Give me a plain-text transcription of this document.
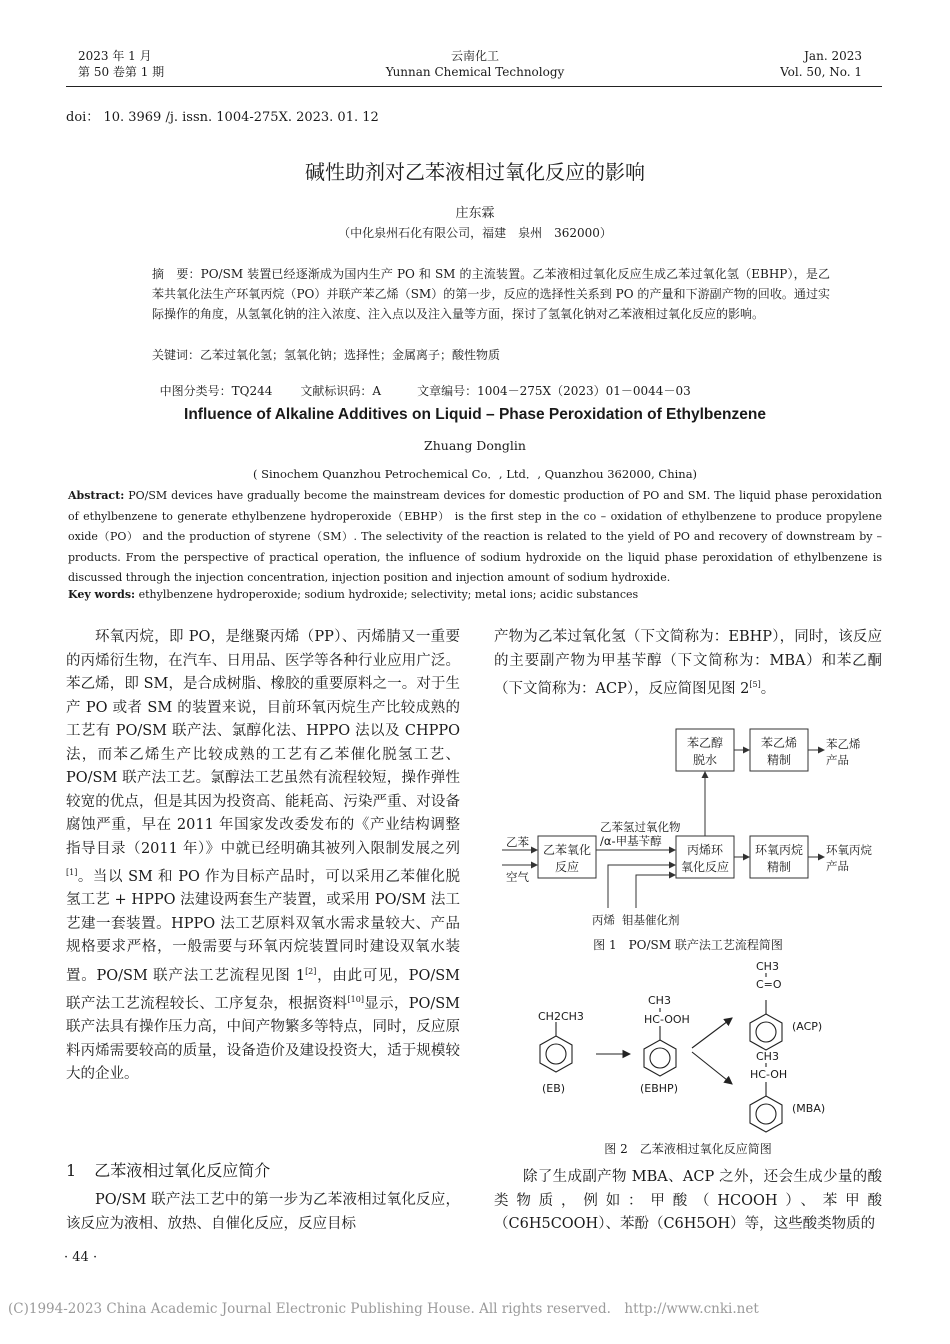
2023 年 1 月
第 50 卷第 1 期
云南化工
Yunnan Chemical Technology
Jan. 2023
Vol. 50, No. 1
doi： 10. 3969 /j. issn. 1004-275X. 2023. 01. 12
碱性助剂对乙苯液相过氧化反应的影响
庄东霖
（中化泉州石化有限公司，福建　泉州　362000）
摘　要：PO/SM 装置已经逐渐成为国内生产 PO 和 SM 的主流装置。乙苯液相过氧化反应生成乙苯过氧化氢（EBHP），是乙苯共氧化法生产环氧丙烷（PO）并联产苯乙烯（SM）的第一步，反应的选择性关系到 PO 的产量和下游副产物的回收。通过实际操作的角度，从氢氧化钠的注入浓度、注入点以及注入量等方面，探讨了氢氧化钠对乙苯液相过氧化反应的影响。
关键词：乙苯过氧化氢；氢氧化钠；选择性；金属离子；酸性物质

中图分类号：TQ244 文献标识码：A	文章编号：1004－275X（2023）01－0044－03

Influence of Alkaline Additives on Liquid – Phase Peroxidation of Ethylbenzene
Zhuang Donglin
( Sinochem Quanzhou Petrochemical Co．, Ltd．, Quanzhou 362000, China)
Abstract: PO/SM devices have gradually become the mainstream devices for domestic production of PO and SM. The liquid phase peroxidation of ethylbenzene to generate ethylbenzene hydroperoxide（EBHP） is the first step in the co – oxidation of ethylbenzene to produce propylene oxide（PO） and the production of styrene（SM）. The selectivity of the reaction is related to the yield of PO and recovery of downstream by – products. From the perspective of practical operation, the influence of sodium hydroxide on the liquid phase peroxidation of ethylbenzene is discussed through the injection concentration, injection position and injection amount of sodium hydroxide.
Key words: ethylbenzene hydroperoxide; sodium hydroxide; selectivity; metal ions; acidic substances
环氧丙烷，即 PO，是继聚丙烯（PP）、丙烯腈又一重要的丙烯衍生物，在汽车、日用品、医学等各种行业应用广泛。苯乙烯，即 SM，是合成树脂、橡胶的重要原料之一。对于生产 PO 或者 SM 的装置来说，目前环氧丙烷生产比较成熟的工艺有 PO/SM 联产法、氯醇化法、HPPO 法以及 CHPPO 法，而苯乙烯生产比较成熟的工艺有乙苯催化脱氢工艺、PO/SM 联产法工艺。氯醇法工艺虽然有流程较短，操作弹性较宽的优点，但是其因为投资高、能耗高、污染严重、对设备腐蚀严重，早在 2011 年国家发改委发布的《产业结构调整指导目录（2011 年）》中就已经明确其被列入限制发展之列[1]。当以 SM 和 PO 作为目标产品时，可以采用乙苯催化脱氢工艺 + HPPO 法建设两套生产装置，或采用 PO/SM 法工艺建一套装置。HPPO 法工艺原料双氧水需求量较大、产品规格要求严格，一般需要与环氧丙烷装置同时建设双氧水装置。PO/SM 联产法工艺流程见图 1[2]，由此可见，PO/SM 联产法工艺流程较长、工序复杂，根据资料[10]显示，PO/SM 联产法具有操作压力高，中间产物繁多等特点，同时，反应原料丙烯需要较高的质量，设备造价及建设投资大，适于规模较大的企业。
1 乙苯液相过氧化反应简介
PO/SM 联产法工艺中的第一步为乙苯液相过氧化反应，该反应为液相、放热、自催化反应，反应目标
· 44 ·
产物为乙苯过氧化氢（下文简称为：EBHP），同时，该反应的主要副产物为甲基苄醇（下文简称为：MBA）和苯乙酮（下文简称为：ACP），反应简图见图 2[5]。
除了生成副产物 MBA、ACP 之外，还会生成少量的酸类物质，例如：甲酸（HCOOH）、苯甲酸（C6H5COOH）、苯酚（C6H5OH）等，这些酸类物质的
乙苯氧化
反应
丙烯环
氧化反应
苯乙醇
脱水
苯乙烯
精制
环氧丙烷
精制
乙苯
空气
乙苯氢过氧化物
/α-甲基苄醇
丙烯 钼基催化剂
苯乙烯
产品
环氧丙烷
产品
图 1　PO/SM 联产法工艺流程简图
CH2CH3
CH3
HC-OOH
CH3
C=O
CH3
HC-OH
(EB)	(EBHP)
(ACP)
(MBA)
图 2　乙苯液相过氧化反应简图
(C)1994-2023 China Academic Journal Electronic Publishing House. All rights reserved.　http://www.cnki.net
